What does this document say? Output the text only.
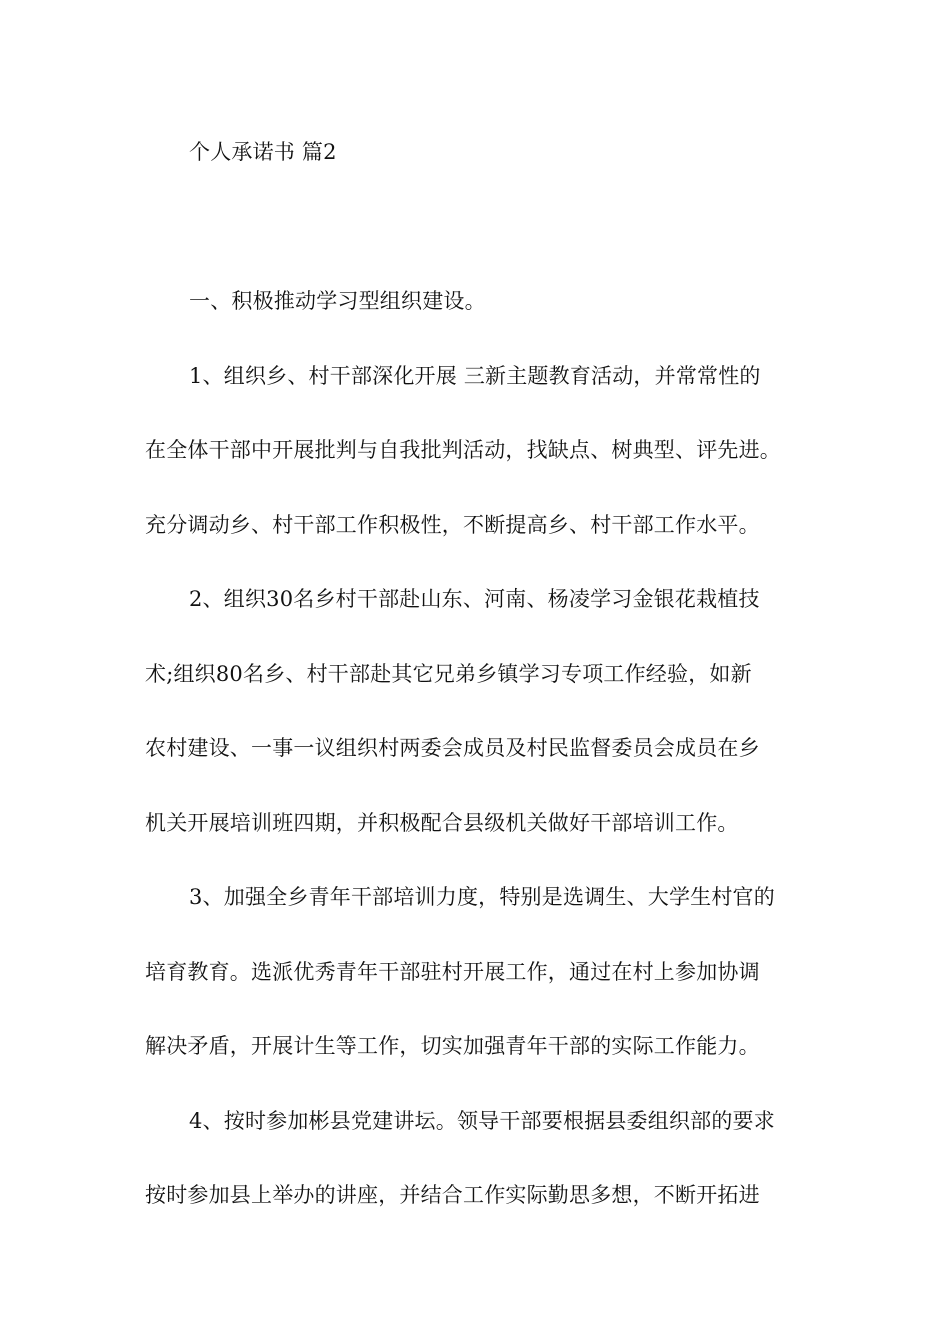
个人承诺书 篇2
一、积极推动学习型组织建设。
1、组织乡、村干部深化开展 三新主题教育活动，并常常性的
在全体干部中开展批判与自我批判活动，找缺点、树典型、评先进。
充分调动乡、村干部工作积极性，不断提高乡、村干部工作水平。
2、组织30名乡村干部赴山东、河南、杨凌学习金银花栽植技
术;组织80名乡、村干部赴其它兄弟乡镇学习专项工作经验，如新
农村建设、一事一议组织村两委会成员及村民监督委员会成员在乡
机关开展培训班四期，并积极配合县级机关做好干部培训工作。
3、加强全乡青年干部培训力度，特别是选调生、大学生村官的
培育教育。选派优秀青年干部驻村开展工作，通过在村上参加协调
解决矛盾，开展计生等工作，切实加强青年干部的实际工作能力。
4、按时参加彬县党建讲坛。领导干部要根据县委组织部的要求
按时参加县上举办的讲座，并结合工作实际勤思多想，不断开拓进
